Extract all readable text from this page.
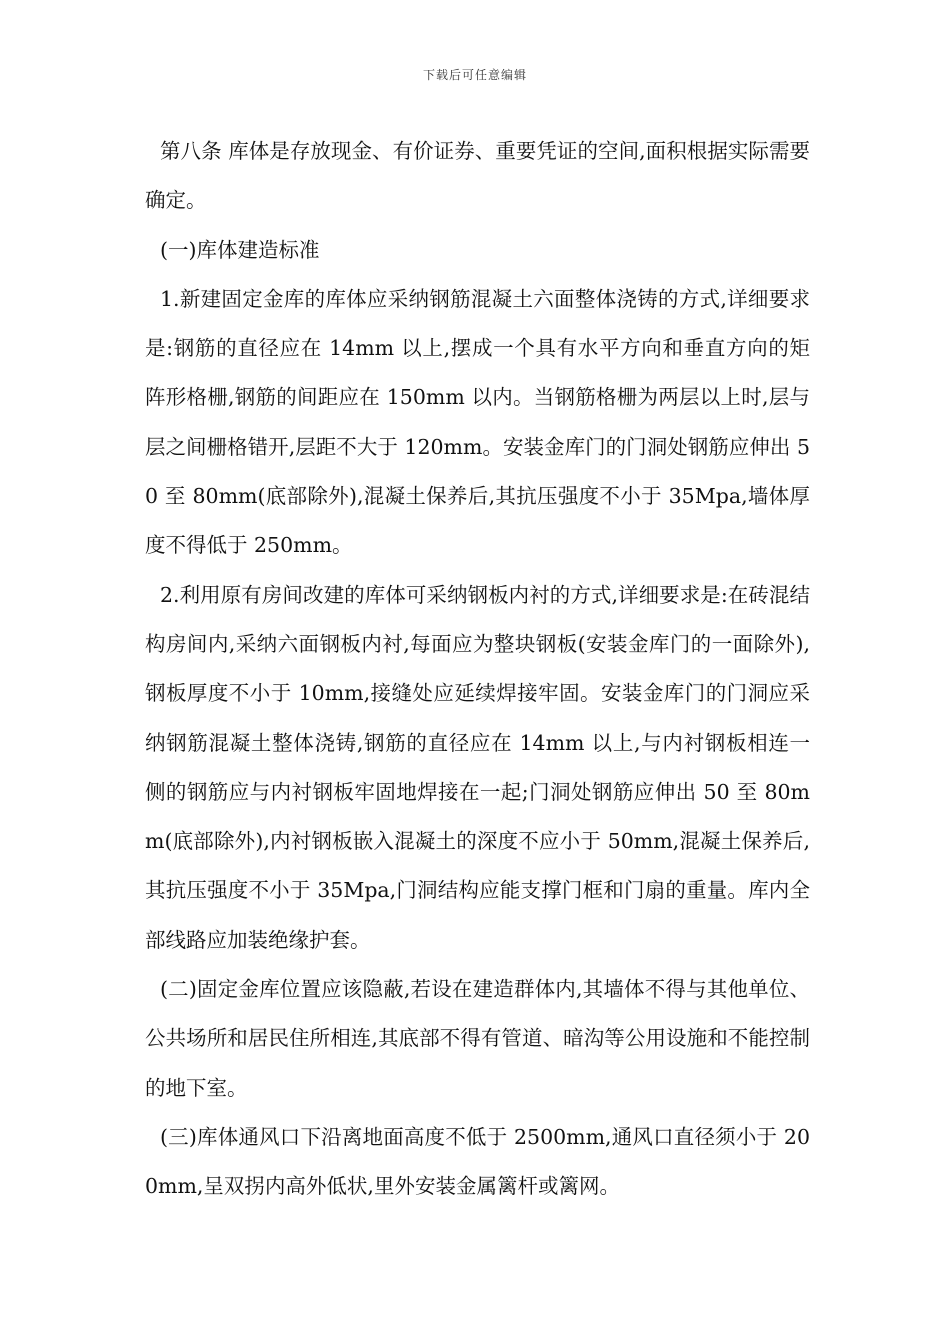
下载后可任意编辑

第八条 库体是存放现金、有价证券、重要凭证的空间,面积根据实际需要确定。

(一)库体建造标准

1.新建固定金库的库体应采纳钢筋混凝土六面整体浇铸的方式,详细要求是:钢筋的直径应在 14mm 以上,摆成一个具有水平方向和垂直方向的矩阵形格栅,钢筋的间距应在 150mm 以内。当钢筋格栅为两层以上时,层与层之间栅格错开,层距不大于 120mm。安装金库门的门洞处钢筋应伸出 50 至 80mm(底部除外),混凝土保养后,其抗压强度不小于 35Mpa,墙体厚度不得低于 250mm。

2.利用原有房间改建的库体可采纳钢板内衬的方式,详细要求是:在砖混结构房间内,采纳六面钢板内衬,每面应为整块钢板(安装金库门的一面除外),钢板厚度不小于 10mm,接缝处应延续焊接牢固。安装金库门的门洞应采纳钢筋混凝土整体浇铸,钢筋的直径应在 14mm 以上,与内衬钢板相连一侧的钢筋应与内衬钢板牢固地焊接在一起;门洞处钢筋应伸出 50 至 80mm(底部除外),内衬钢板嵌入混凝土的深度不应小于 50mm,混凝土保养后,其抗压强度不小于 35Mpa,门洞结构应能支撑门框和门扇的重量。库内全部线路应加装绝缘护套。

(二)固定金库位置应该隐蔽,若设在建造群体内,其墙体不得与其他单位、公共场所和居民住所相连,其底部不得有管道、暗沟等公用设施和不能控制的地下室。

(三)库体通风口下沿离地面高度不低于 2500mm,通风口直径须小于 200mm,呈双拐内高外低状,里外安装金属篱杆或篱网。
